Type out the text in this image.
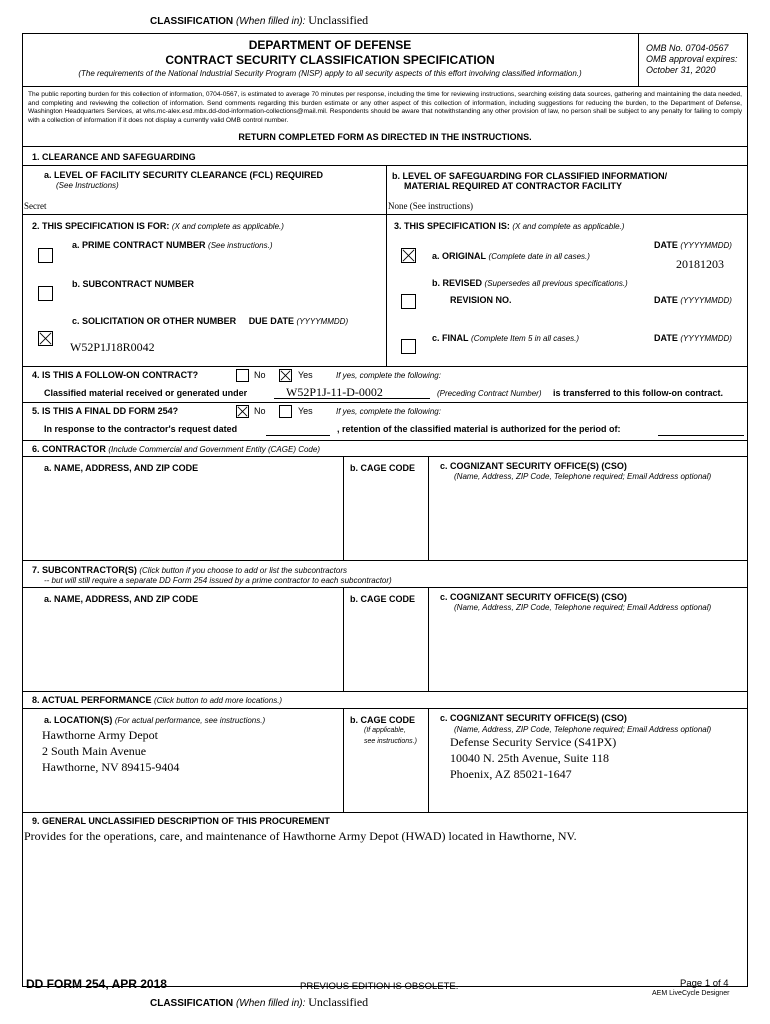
CLASSIFICATION (When filled in): Unclassified
DEPARTMENT OF DEFENSE
CONTRACT SECURITY CLASSIFICATION SPECIFICATION
(The requirements of the National Industrial Security Program (NISP) apply to all security aspects of this effort involving classified information.)
OMB No. 0704-0567
OMB approval expires:
October 31, 2020
The public reporting burden for this collection of information, 0704-0567, is estimated to average 70 minutes per response, including the time for reviewing instructions, searching existing data sources, gathering and maintaining the data needed, and completing and reviewing the collection of information. Send comments regarding this burden estimate or any other aspect of this collection of information, including suggestions for reducing the burden, to the Department of Defense, Washington Headquarters Services, at whs.mc-alex.esd.mbx.dd-dod-information-collections@mail.mil. Respondents should be aware that notwithstanding any other provision of law, no person shall be subject to any penalty for failing to comply with a collection of information if it does not display a currently valid OMB control number.
RETURN COMPLETED FORM AS DIRECTED IN THE INSTRUCTIONS.
1. CLEARANCE AND SAFEGUARDING
a. LEVEL OF FACILITY SECURITY CLEARANCE (FCL) REQUIRED
(See Instructions)
Secret
b. LEVEL OF SAFEGUARDING FOR CLASSIFIED INFORMATION/
MATERIAL REQUIRED AT CONTRACTOR FACILITY
None (See instructions)
2. THIS SPECIFICATION IS FOR: (X and complete as applicable.)	3. THIS SPECIFICATION IS: (X and complete as applicable.)
a. PRIME CONTRACT NUMBER (See instructions.)
b. SUBCONTRACT NUMBER
c. SOLICITATION OR OTHER NUMBER DUE DATE (YYYYMMDD)
W52P1J18R0042
a. ORIGINAL (Complete date in all cases.)
DATE (YYYYMMDD)
20181203
b. REVISED (Supersedes all previous specifications.)
REVISION NO.	DATE (YYYYMMDD)
c. FINAL (Complete Item 5 in all cases.)	DATE (YYYYMMDD)
4. IS THIS A FOLLOW-ON CONTRACT?	No	Yes	If yes, complete the following:
Classified material received or generated under	W52P1J-11-D-0002	(Preceding Contract Number) is transferred to this follow-on contract.
5. IS THIS A FINAL DD FORM 254?	No	Yes	If yes, complete the following:
In response to the contractor's request dated	, retention of the classified material is authorized for the period of:
6. CONTRACTOR (Include Commercial and Government Entity (CAGE) Code)
a. NAME, ADDRESS, AND ZIP CODE	b. CAGE CODE	c. COGNIZANT SECURITY OFFICE(S) (CSO)
(Name, Address, ZIP Code, Telephone required; Email Address optional)
7. SUBCONTRACTOR(S) (Click button if you choose to add or list the subcontractors
-- but will still require a separate DD Form 254 issued by a prime contractor to each subcontractor)
a. NAME, ADDRESS, AND ZIP CODE	b. CAGE CODE	c. COGNIZANT SECURITY OFFICE(S) (CSO)
(Name, Address, ZIP Code, Telephone required; Email Address optional)
8. ACTUAL PERFORMANCE (Click button to add more locations.)
a. LOCATION(S) (For actual performance, see instructions.)
Hawthorne Army Depot
2 South Main Avenue
Hawthorne, NV 89415-9404
b. CAGE CODE
(If applicable,
see instructions.)
c. COGNIZANT SECURITY OFFICE(S) (CSO)
(Name, Address, ZIP Code, Telephone required; Email Address optional)
Defense Security Service (S41PX)
10040 N. 25th Avenue, Suite 118
Phoenix, AZ 85021-1647
9. GENERAL UNCLASSIFIED DESCRIPTION OF THIS PROCUREMENT
Provides for the operations, care, and maintenance of Hawthorne Army Depot (HWAD) located in Hawthorne, NV.
DD FORM 254, APR 2018	PREVIOUS EDITION IS OBSOLETE.	Page 1 of 4
AEM LiveCycle Designer
CLASSIFICATION (When filled in): Unclassified
